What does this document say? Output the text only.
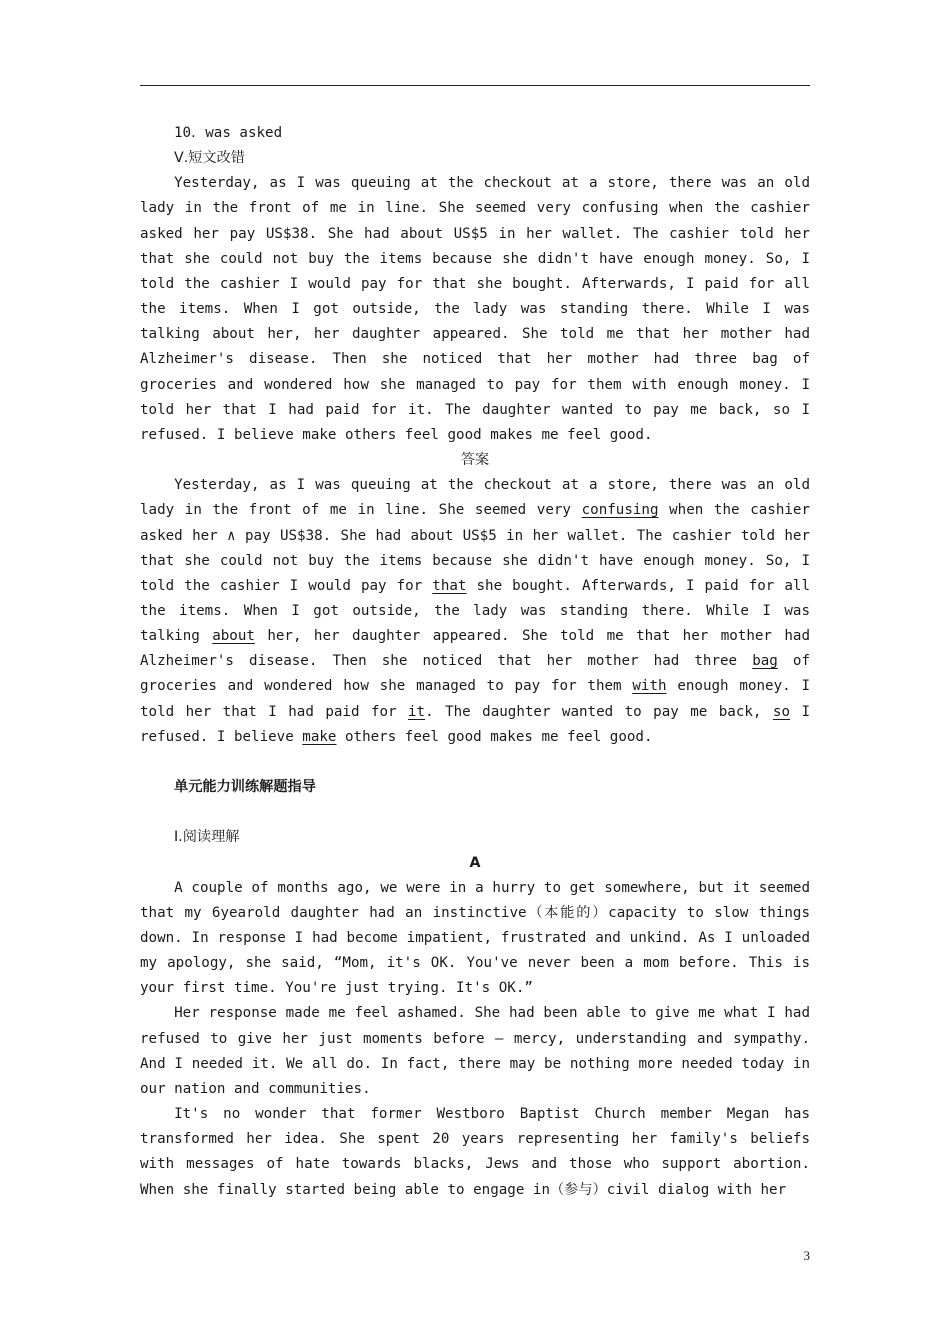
10．was asked

Ⅴ.短文改错

Yesterday, as I was queuing at the checkout at a store, there was an old lady in the front of me in line. She seemed very confusing when the cashier asked her pay US$38. She had about US$5 in her wallet. The cashier told her that she could not buy the items because she didn't have enough money. So, I told the cashier I would pay for that she bought. Afterwards, I paid for all the items. When I got outside, the lady was standing there. While I was talking about her, her daughter appeared. She told me that her mother had Alzheimer's disease. Then she noticed that her mother had three bag of groceries and wondered how she managed to pay for them with enough money. I told her that I had paid for it. The daughter wanted to pay me back, so I refused. I believe make others feel good makes me feel good.

答案

Yesterday, as I was queuing at the checkout at a store, there was an old lady in the front of me in line. She seemed very confusing when the cashier asked her ∧ pay US$38. She had about US$5 in her wallet. The cashier told her that she could not buy the items because she didn't have enough money. So, I told the cashier I would pay for that she bought. Afterwards, I paid for all the items. When I got outside, the lady was standing there. While I was talking about her, her daughter appeared. She told me that her mother had Alzheimer's disease. Then she noticed that her mother had three bag of groceries and wondered how she managed to pay for them with enough money. I told her that I had paid for it. The daughter wanted to pay me back, so I refused. I believe make others feel good makes me feel good.

单元能力训练解题指导

Ⅰ.阅读理解

A

A couple of months ago, we were in a hurry to get somewhere, but it seemed that my 6yearold daughter had an instinctive（本能的）capacity to slow things down. In response I had become impatient, frustrated and unkind. As I unloaded my apology, she said, “Mom, it's OK. You've never been a mom before. This is your first time. You're just trying. It's OK.”

Her response made me feel ashamed. She had been able to give me what I had refused to give her just moments before — mercy, understanding and sympathy. And I needed it. We all do. In fact, there may be nothing more needed today in our nation and communities.

It's no wonder that former Westboro Baptist Church member Megan has transformed her idea. She spent 20 years representing her family's beliefs with messages of hate towards blacks, Jews and those who support abortion. When she finally started being able to engage in（参与）civil dialog with her

3
